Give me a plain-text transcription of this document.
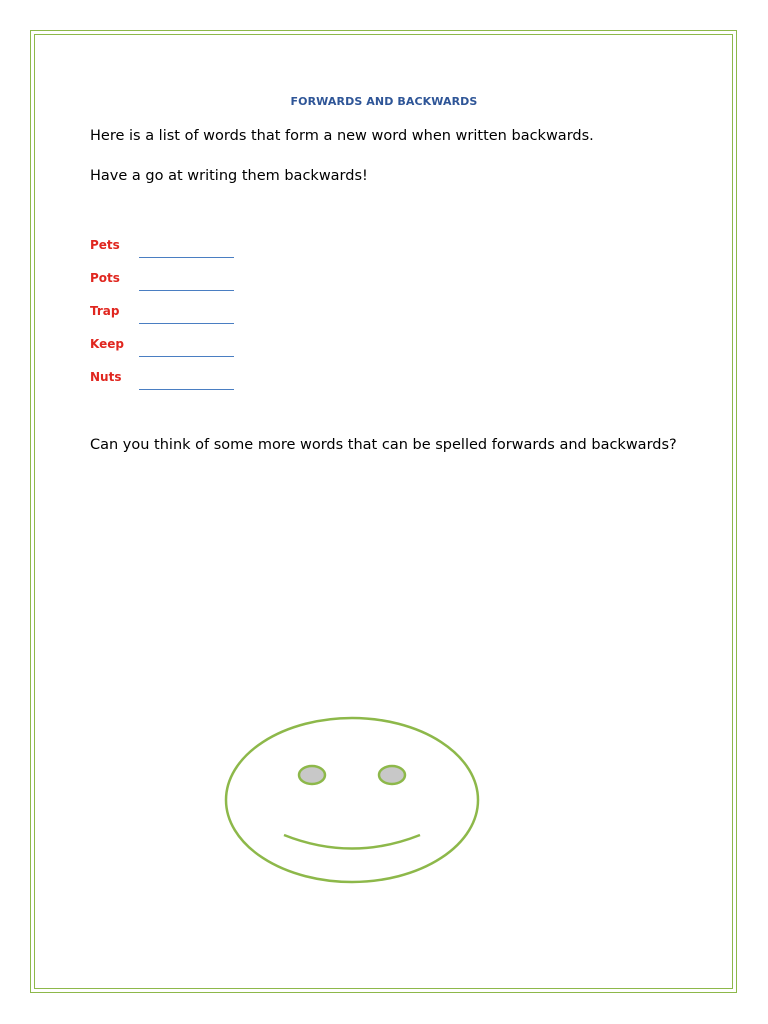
FORWARDS AND BACKWARDS
Here is a list of words that form a new word when written backwards.
Have a go at writing them backwards!
Pets
Pots
Trap
Keep
Nuts
Can you think of some more words that can be spelled forwards and backwards?
